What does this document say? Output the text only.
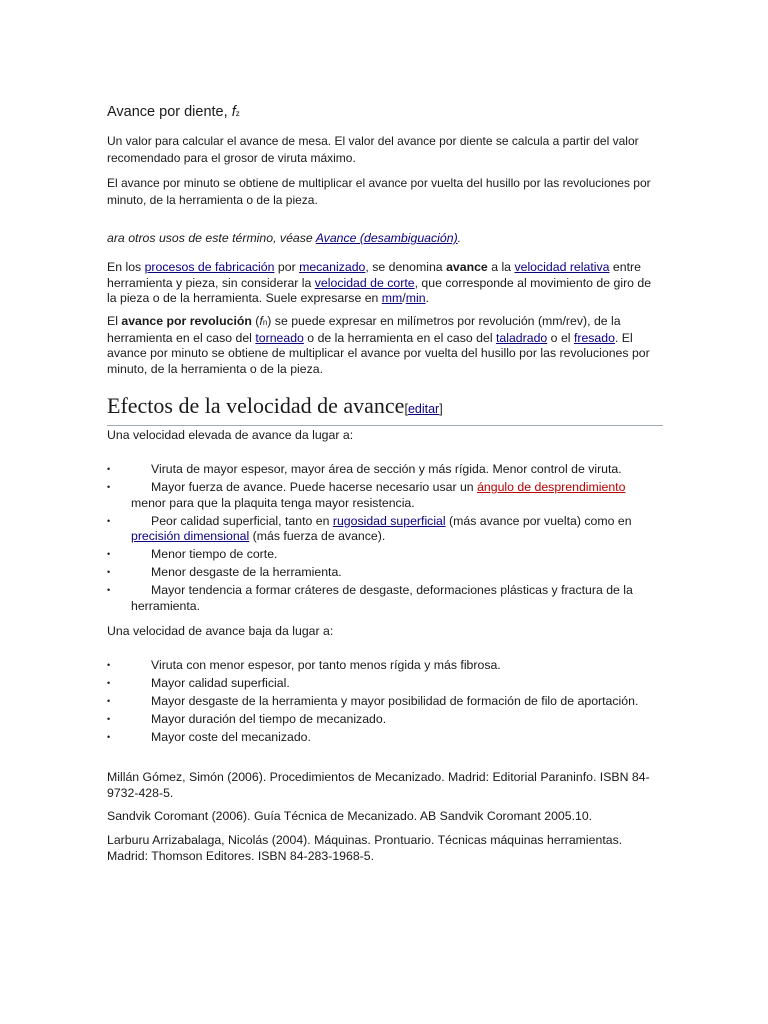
Avance por diente, fz

Un valor para calcular el avance de mesa. El valor del avance por diente se calcula a partir del valor recomendado para el grosor de viruta máximo.

El avance por minuto se obtiene de multiplicar el avance por vuelta del husillo por las revoluciones por minuto, de la herramienta o de la pieza.

ara otros usos de este término, véase Avance (desambiguación).

En los procesos de fabricación por mecanizado, se denomina avance a la velocidad relativa entre herramienta y pieza, sin considerar la velocidad de corte, que corresponde al movimiento de giro de la pieza o de la herramienta. Suele expresarse en mm/min.

El avance por revolución (fn) se puede expresar en milímetros por revolución (mm/rev), de la herramienta en el caso del torneado o de la herramienta en el caso del taladrado o el fresado. El avance por minuto se obtiene de multiplicar el avance por vuelta del husillo por las revoluciones por minuto, de la herramienta o de la pieza.

Efectos de la velocidad de avance[editar]

Una velocidad elevada de avance da lugar a:

•	Viruta de mayor espesor, mayor área de sección y más rígida. Menor control de viruta.
•	Mayor fuerza de avance. Puede hacerse necesario usar un ángulo de desprendimiento menor para que la plaquita tenga mayor resistencia.
•	Peor calidad superficial, tanto en rugosidad superficial (más avance por vuelta) como en precisión dimensional (más fuerza de avance).
•	Menor tiempo de corte.
•	Menor desgaste de la herramienta.
•	Mayor tendencia a formar cráteres de desgaste, deformaciones plásticas y fractura de la herramienta.

Una velocidad de avance baja da lugar a:

•	Viruta con menor espesor, por tanto menos rígida y más fibrosa.
•	Mayor calidad superficial.
•	Mayor desgaste de la herramienta y mayor posibilidad de formación de filo de aportación.
•	Mayor duración del tiempo de mecanizado.
•	Mayor coste del mecanizado.

Millán Gómez, Simón (2006). Procedimientos de Mecanizado. Madrid: Editorial Paraninfo. ISBN 84-9732-428-5.

Sandvik Coromant (2006). Guía Técnica de Mecanizado. AB Sandvik Coromant 2005.10.

Larburu Arrizabalaga, Nicolás (2004). Máquinas. Prontuario. Técnicas máquinas herramientas. Madrid: Thomson Editores. ISBN 84-283-1968-5.
